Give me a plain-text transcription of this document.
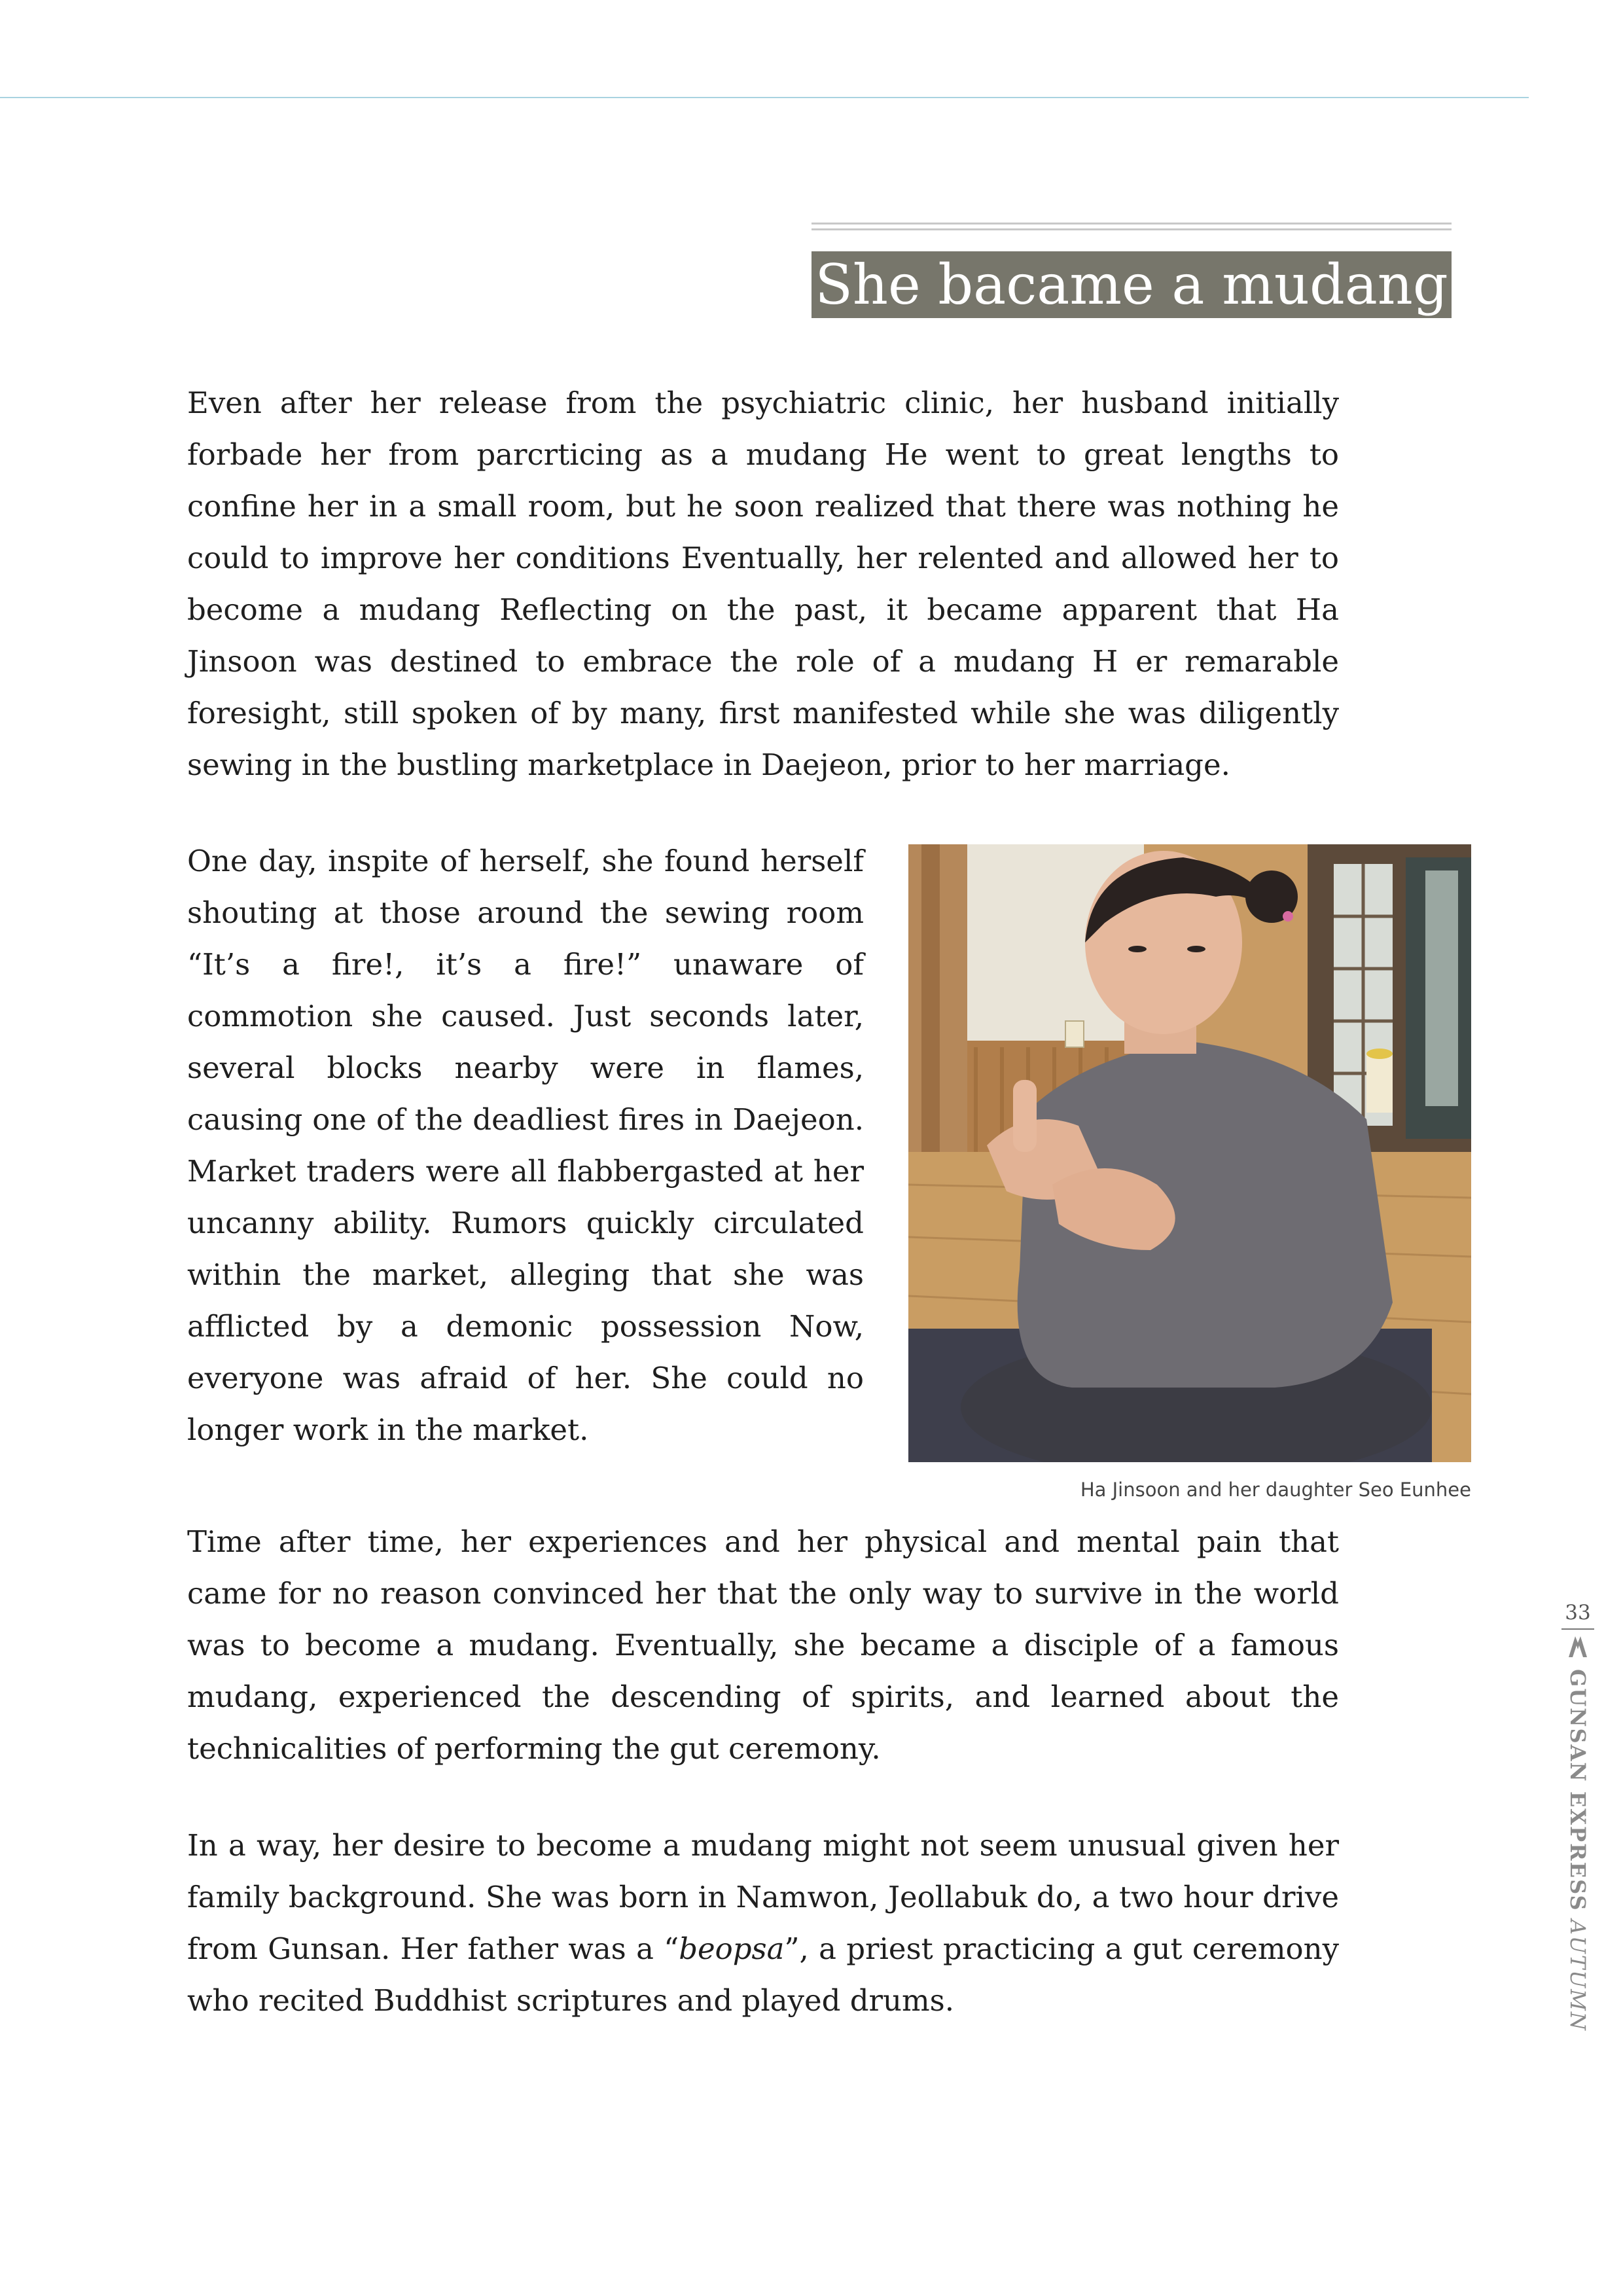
She bacame a mudang

Even after her release from the psychiatric clinic, her husband initially forbade her from parcrticing as a mudang He went to great lengths to confine her in a small room, but he soon realized that there was nothing he could to improve her conditions Eventually, her relented and allowed her to become a mudang Reflecting on the past, it became apparent that Ha Jinsoon was destined to embrace the role of a mudang H er remarable foresight, still spoken of by many, first manifested while she was diligently sewing in the bustling marketplace in Daejeon, prior to her marriage.

One day, inspite of herself, she found herself shouting at those around the sewing room “It’s a fire!, it’s a fire!” unaware of commotion she caused. Just seconds later, several blocks nearby were in flames, causing one of the deadliest fires in Daejeon. Market traders were all flabbergasted at her uncanny ability. Rumors quickly circulated within the market, alleging that she was afflicted by a demonic possession Now, everyone was afraid of her. She could no longer work in the market.

Ha Jinsoon and her daughter Seo Eunhee

Time after time, her experiences and her physical and mental pain that came for no reason convinced her that the only way to survive in the world was to become a mudang. Eventually, she became a disciple of a famous mudang, experienced the descending of spirits, and learned about the technicalities of performing the gut ceremony.

In a way, her desire to become a mudang might not seem unusual given her family background. She was born in Namwon, Jeollabuk do, a two hour drive from Gunsan. Her father was a “beopsa”, a priest practicing a gut ceremony who recited Buddhist scriptures and played drums.

33
GUNSAN EXPRESS AUTUMN
